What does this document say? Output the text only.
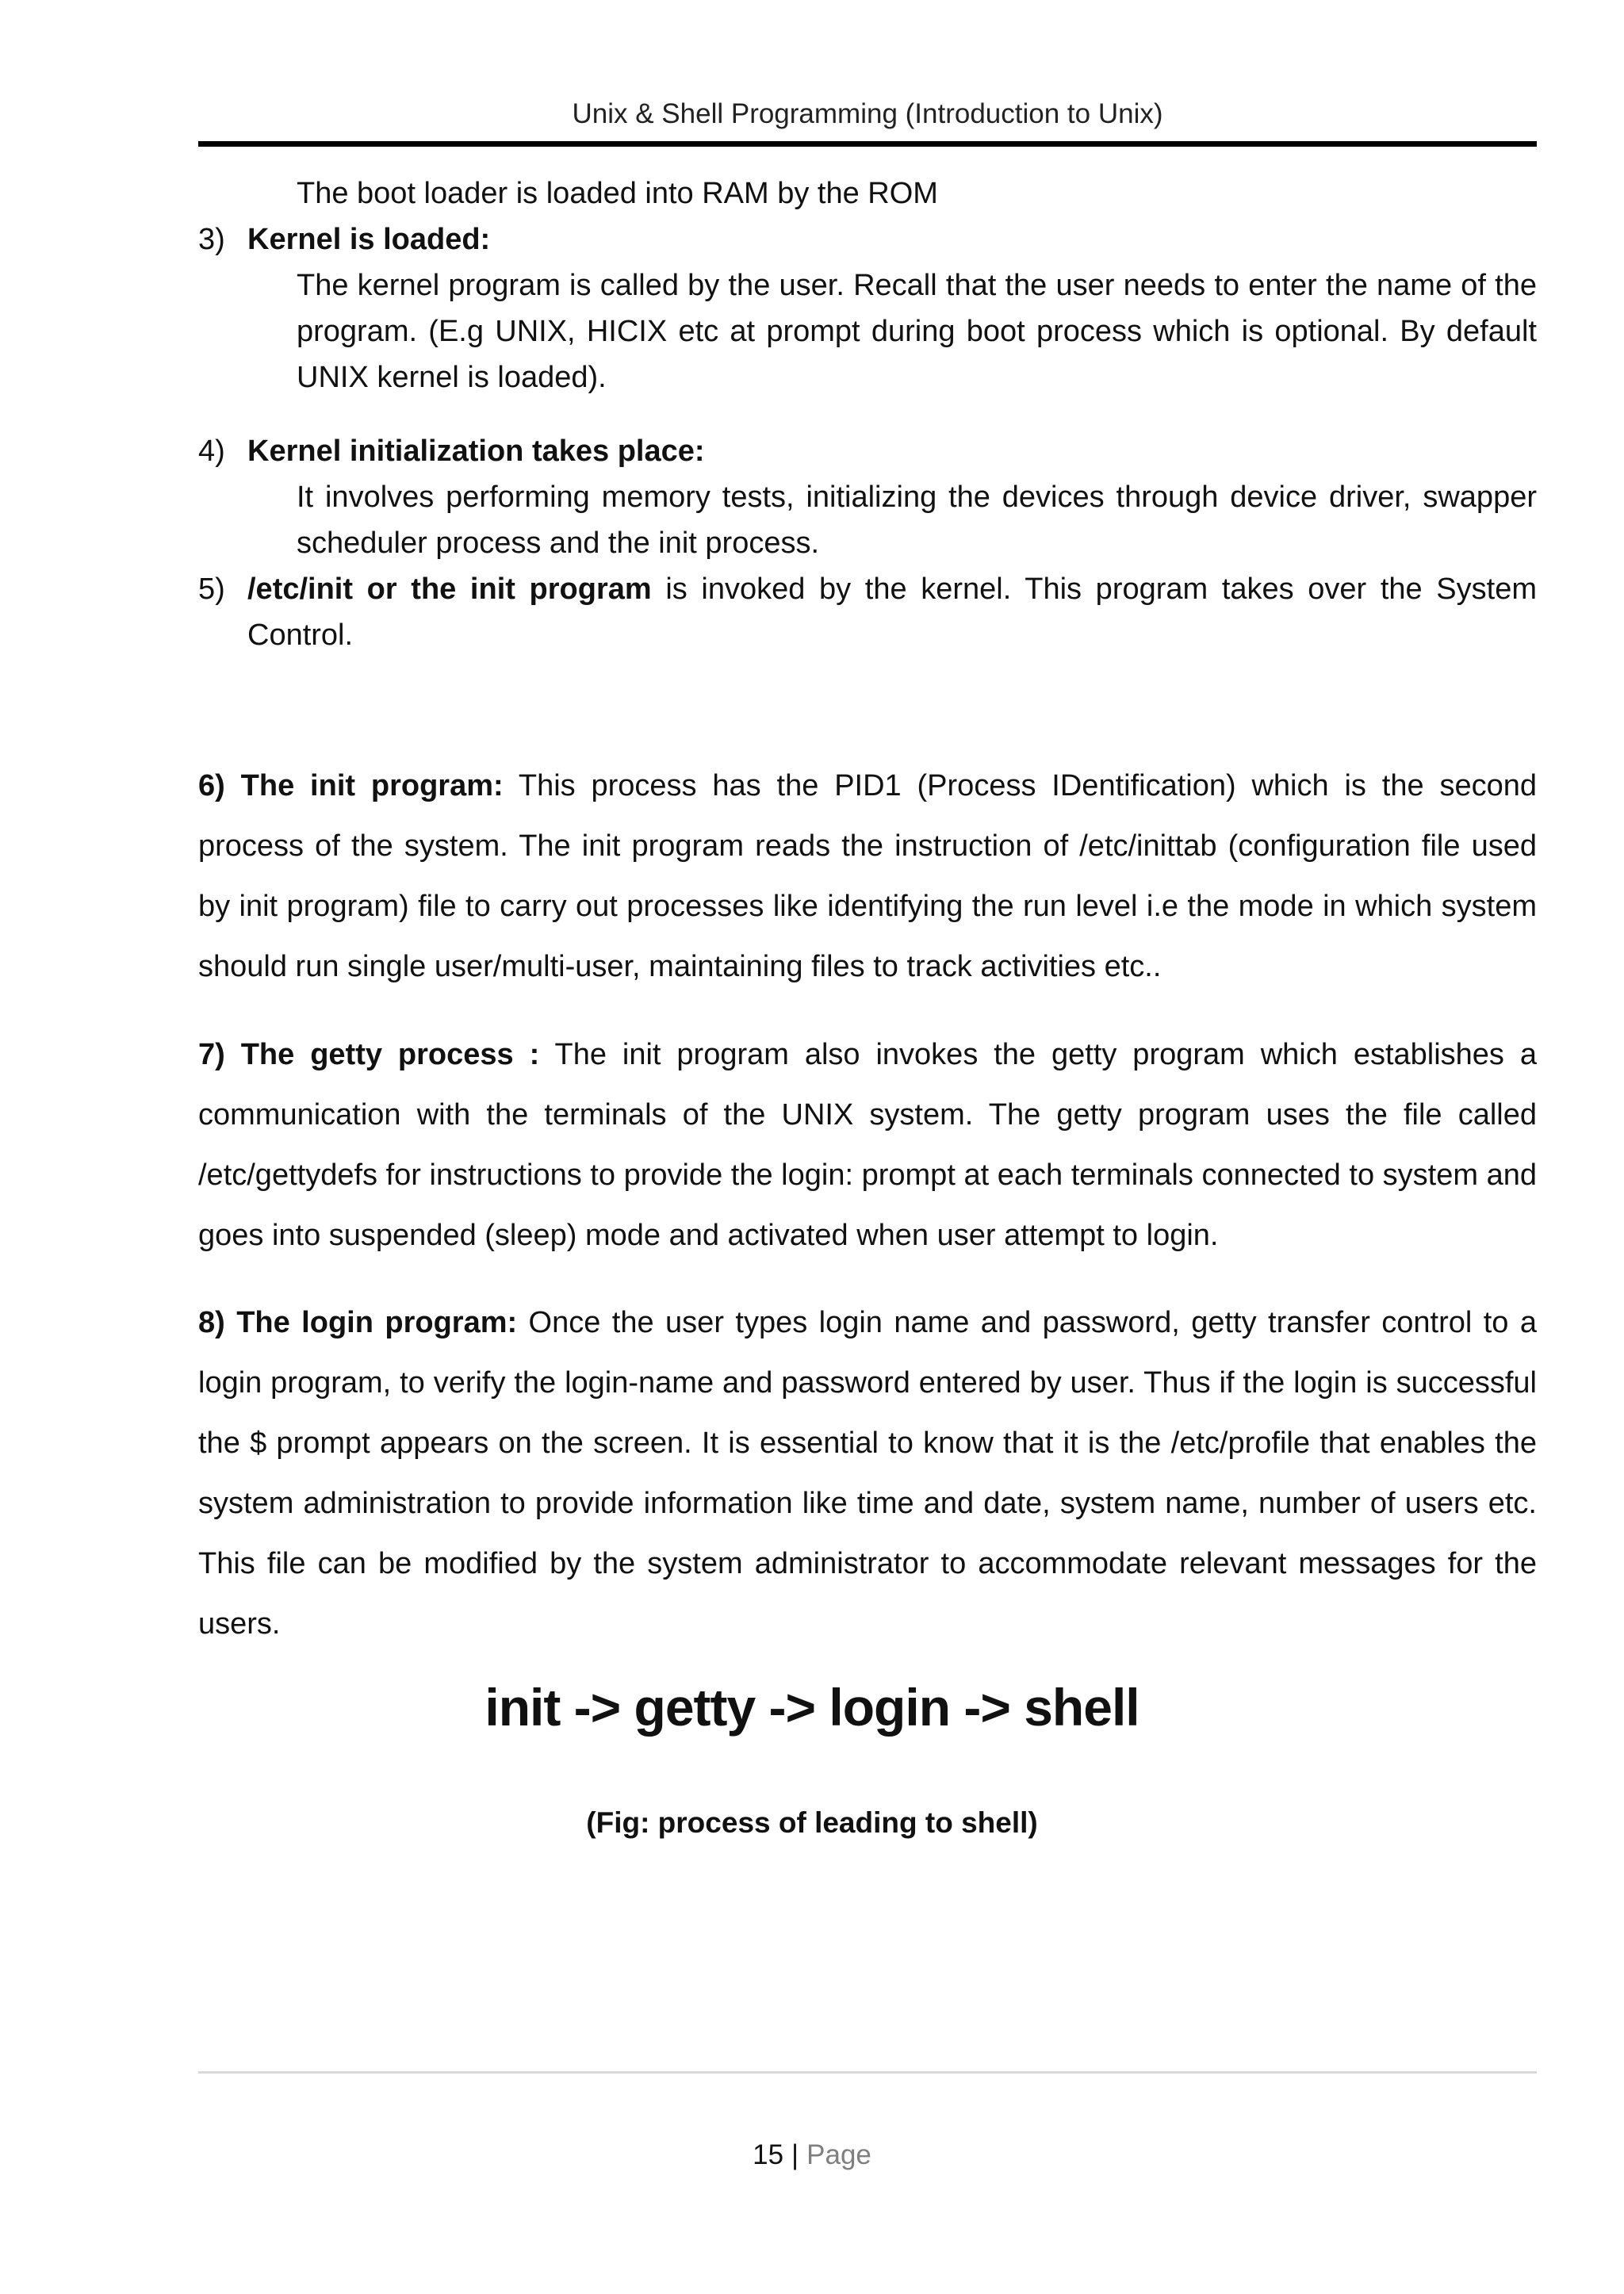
Unix & Shell Programming (Introduction to Unix)
The boot loader is loaded into RAM by the ROM
3) Kernel is loaded:
The kernel program is called by the user. Recall that the user needs to enter the name of the program. (E.g UNIX, HICIX etc at prompt during boot process which is optional. By default UNIX kernel is loaded).
4) Kernel initialization takes place:
It involves performing memory tests, initializing the devices through device driver, swapper scheduler process and the init process.
5) /etc/init or the init program is invoked by the kernel. This program takes over the System Control.
6) The init program: This process has the PID1 (Process IDentification) which is the second process of the system. The init program reads the instruction of /etc/inittab (configuration file used by init program) file to carry out processes like identifying the run level i.e the mode in which system should run single user/multi-user, maintaining files to track activities etc..
7) The getty process : The init program also invokes the getty program which establishes a communication with the terminals of the UNIX system. The getty program uses the file called /etc/gettydefs for instructions to provide the login: prompt at each terminals connected to system and goes into suspended (sleep) mode and activated when user attempt to login.
8) The login program: Once the user types login name and password, getty transfer control to a login program, to verify the login-name and password entered by user. Thus if the login is successful the $ prompt appears on the screen. It is essential to know that it is the /etc/profile that enables the system administration to provide information like time and date, system name, number of users etc. This file can be modified by the system administrator to accommodate relevant messages for the users.
init -> getty -> login -> shell
(Fig: process of leading to shell)
15 | Page
